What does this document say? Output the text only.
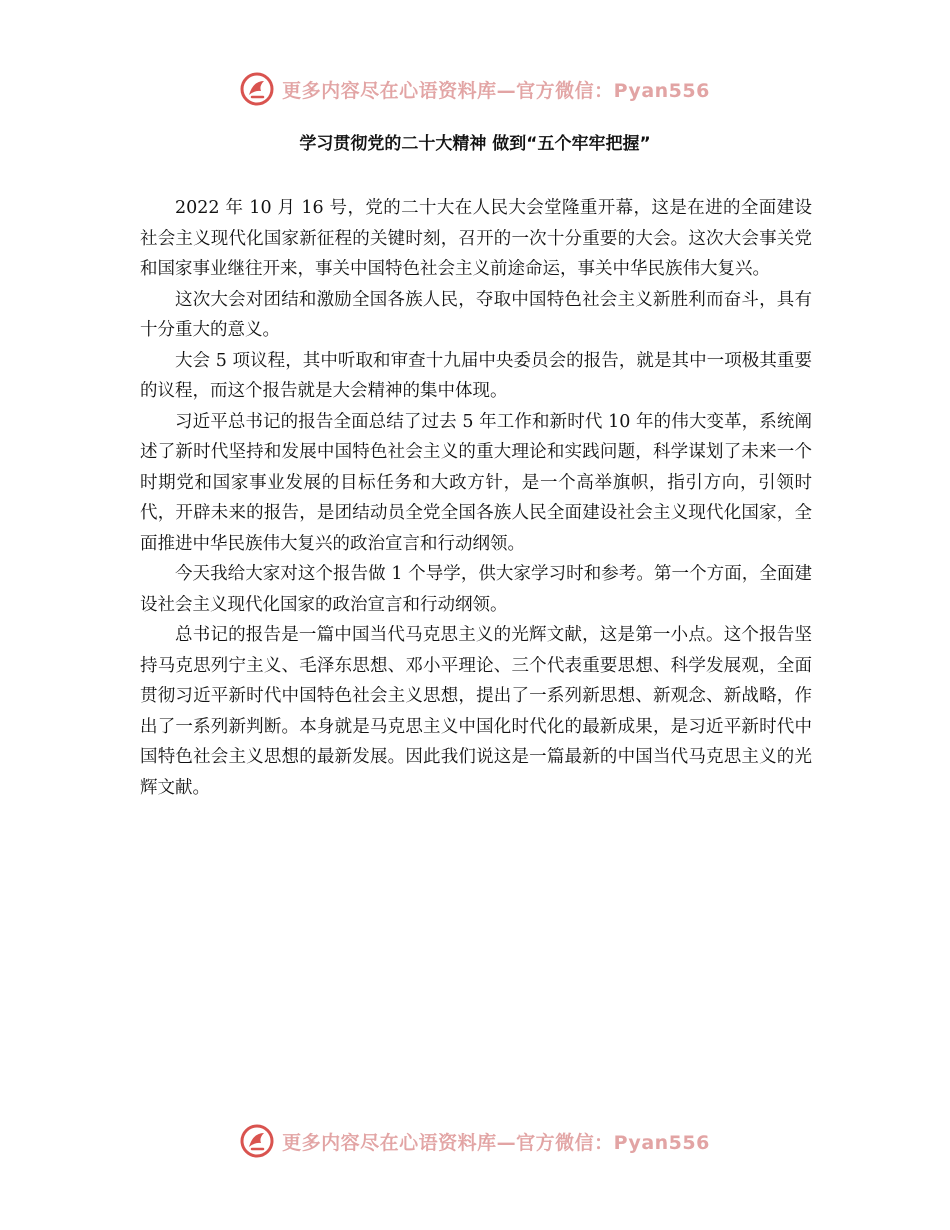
更多内容尽在心语资料库—官方微信：Pyan556
学习贯彻党的二十大精神 做到“五个牢牢把握”

2022 年 10 月 16 号，党的二十大在人民大会堂隆重开幕，这是在进的全面建设社会主义现代化国家新征程的关键时刻，召开的一次十分重要的大会。这次大会事关党和国家事业继往开来，事关中国特色社会主义前途命运，事关中华民族伟大复兴。

这次大会对团结和激励全国各族人民，夺取中国特色社会主义新胜利而奋斗，具有十分重大的意义。

大会 5 项议程，其中听取和审查十九届中央委员会的报告，就是其中一项极其重要的议程，而这个报告就是大会精神的集中体现。

习近平总书记的报告全面总结了过去 5 年工作和新时代 10 年的伟大变革，系统阐述了新时代坚持和发展中国特色社会主义的重大理论和实践问题，科学谋划了未来一个时期党和国家事业发展的目标任务和大政方针，是一个高举旗帜，指引方向，引领时代，开辟未来的报告，是团结动员全党全国各族人民全面建设社会主义现代化国家，全面推进中华民族伟大复兴的政治宣言和行动纲领。

今天我给大家对这个报告做 1 个导学，供大家学习时和参考。第一个方面，全面建设社会主义现代化国家的政治宣言和行动纲领。

总书记的报告是一篇中国当代马克思主义的光辉文献，这是第一小点。这个报告坚持马克思列宁主义、毛泽东思想、邓小平理论、三个代表重要思想、科学发展观，全面贯彻习近平新时代中国特色社会主义思想，提出了一系列新思想、新观念、新战略，作出了一系列新判断。本身就是马克思主义中国化时代化的最新成果，是习近平新时代中国特色社会主义思想的最新发展。因此我们说这是一篇最新的中国当代马克思主义的光辉文献。

更多内容尽在心语资料库—官方微信：Pyan556
